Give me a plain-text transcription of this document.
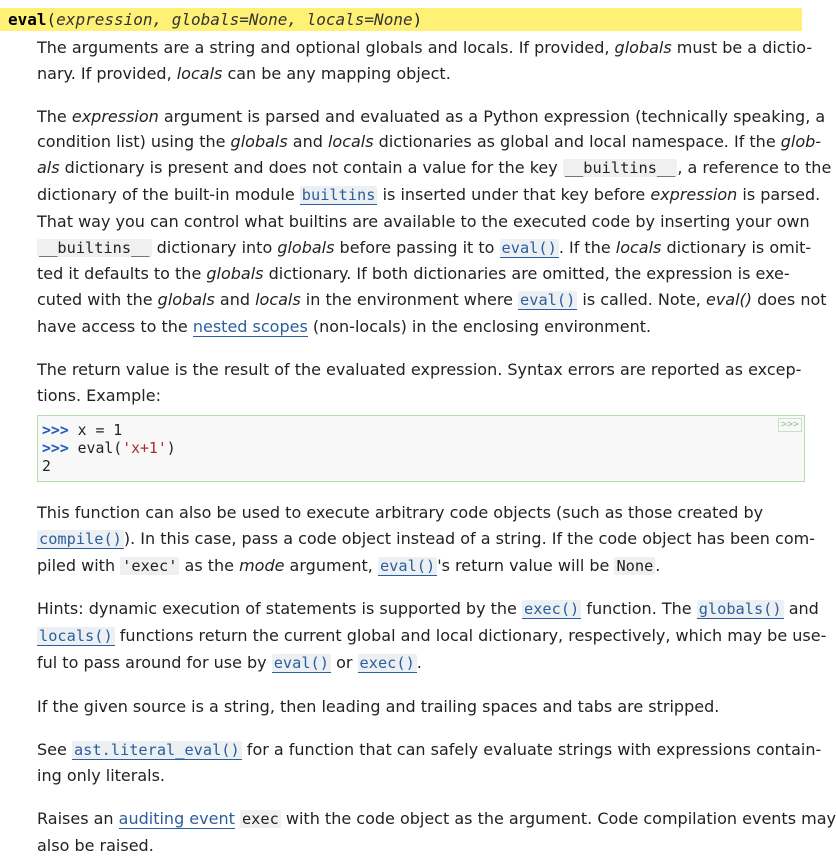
eval(expression, globals=None, locals=None)

The arguments are a string and optional globals and locals. If provided, globals must be a dictio-

nary. If provided, locals can be any mapping object.

The expression argument is parsed and evaluated as a Python expression (technically speaking, a

condition list) using the globals and locals dictionaries as global and local namespace. If the glob-

als dictionary is present and does not contain a value for the key __builtins__ , a reference to the

dictionary of the built-in module builtins is inserted under that key before expression is parsed.

That way you can control what builtins are available to the executed code by inserting your own

__builtins__ dictionary into globals before passing it to eval() . If the locals dictionary is omit-

ted it defaults to the globals dictionary. If both dictionaries are omitted, the expression is exe-

cuted with the globals and locals in the environment where eval() is called. Note, eval() does not

have access to the nested scopes (non-locals) in the enclosing environment.

The return value is the result of the evaluated expression. Syntax errors are reported as excep-

tions. Example:

>>>
>>> x = 1
>>> eval('x+1')
2

This function can also be used to execute arbitrary code objects (such as those created by

compile() ). In this case, pass a code object instead of a string. If the code object has been com-

piled with 'exec' as the mode argument, eval() 's return value will be None .

Hints: dynamic execution of statements is supported by the exec() function. The globals() and

locals() functions return the current global and local dictionary, respectively, which may be use-

ful to pass around for use by eval() or exec() .

If the given source is a string, then leading and trailing spaces and tabs are stripped.

See ast.literal_eval() for a function that can safely evaluate strings with expressions contain-

ing only literals.

Raises an auditing event exec with the code object as the argument. Code compilation events may

also be raised.
